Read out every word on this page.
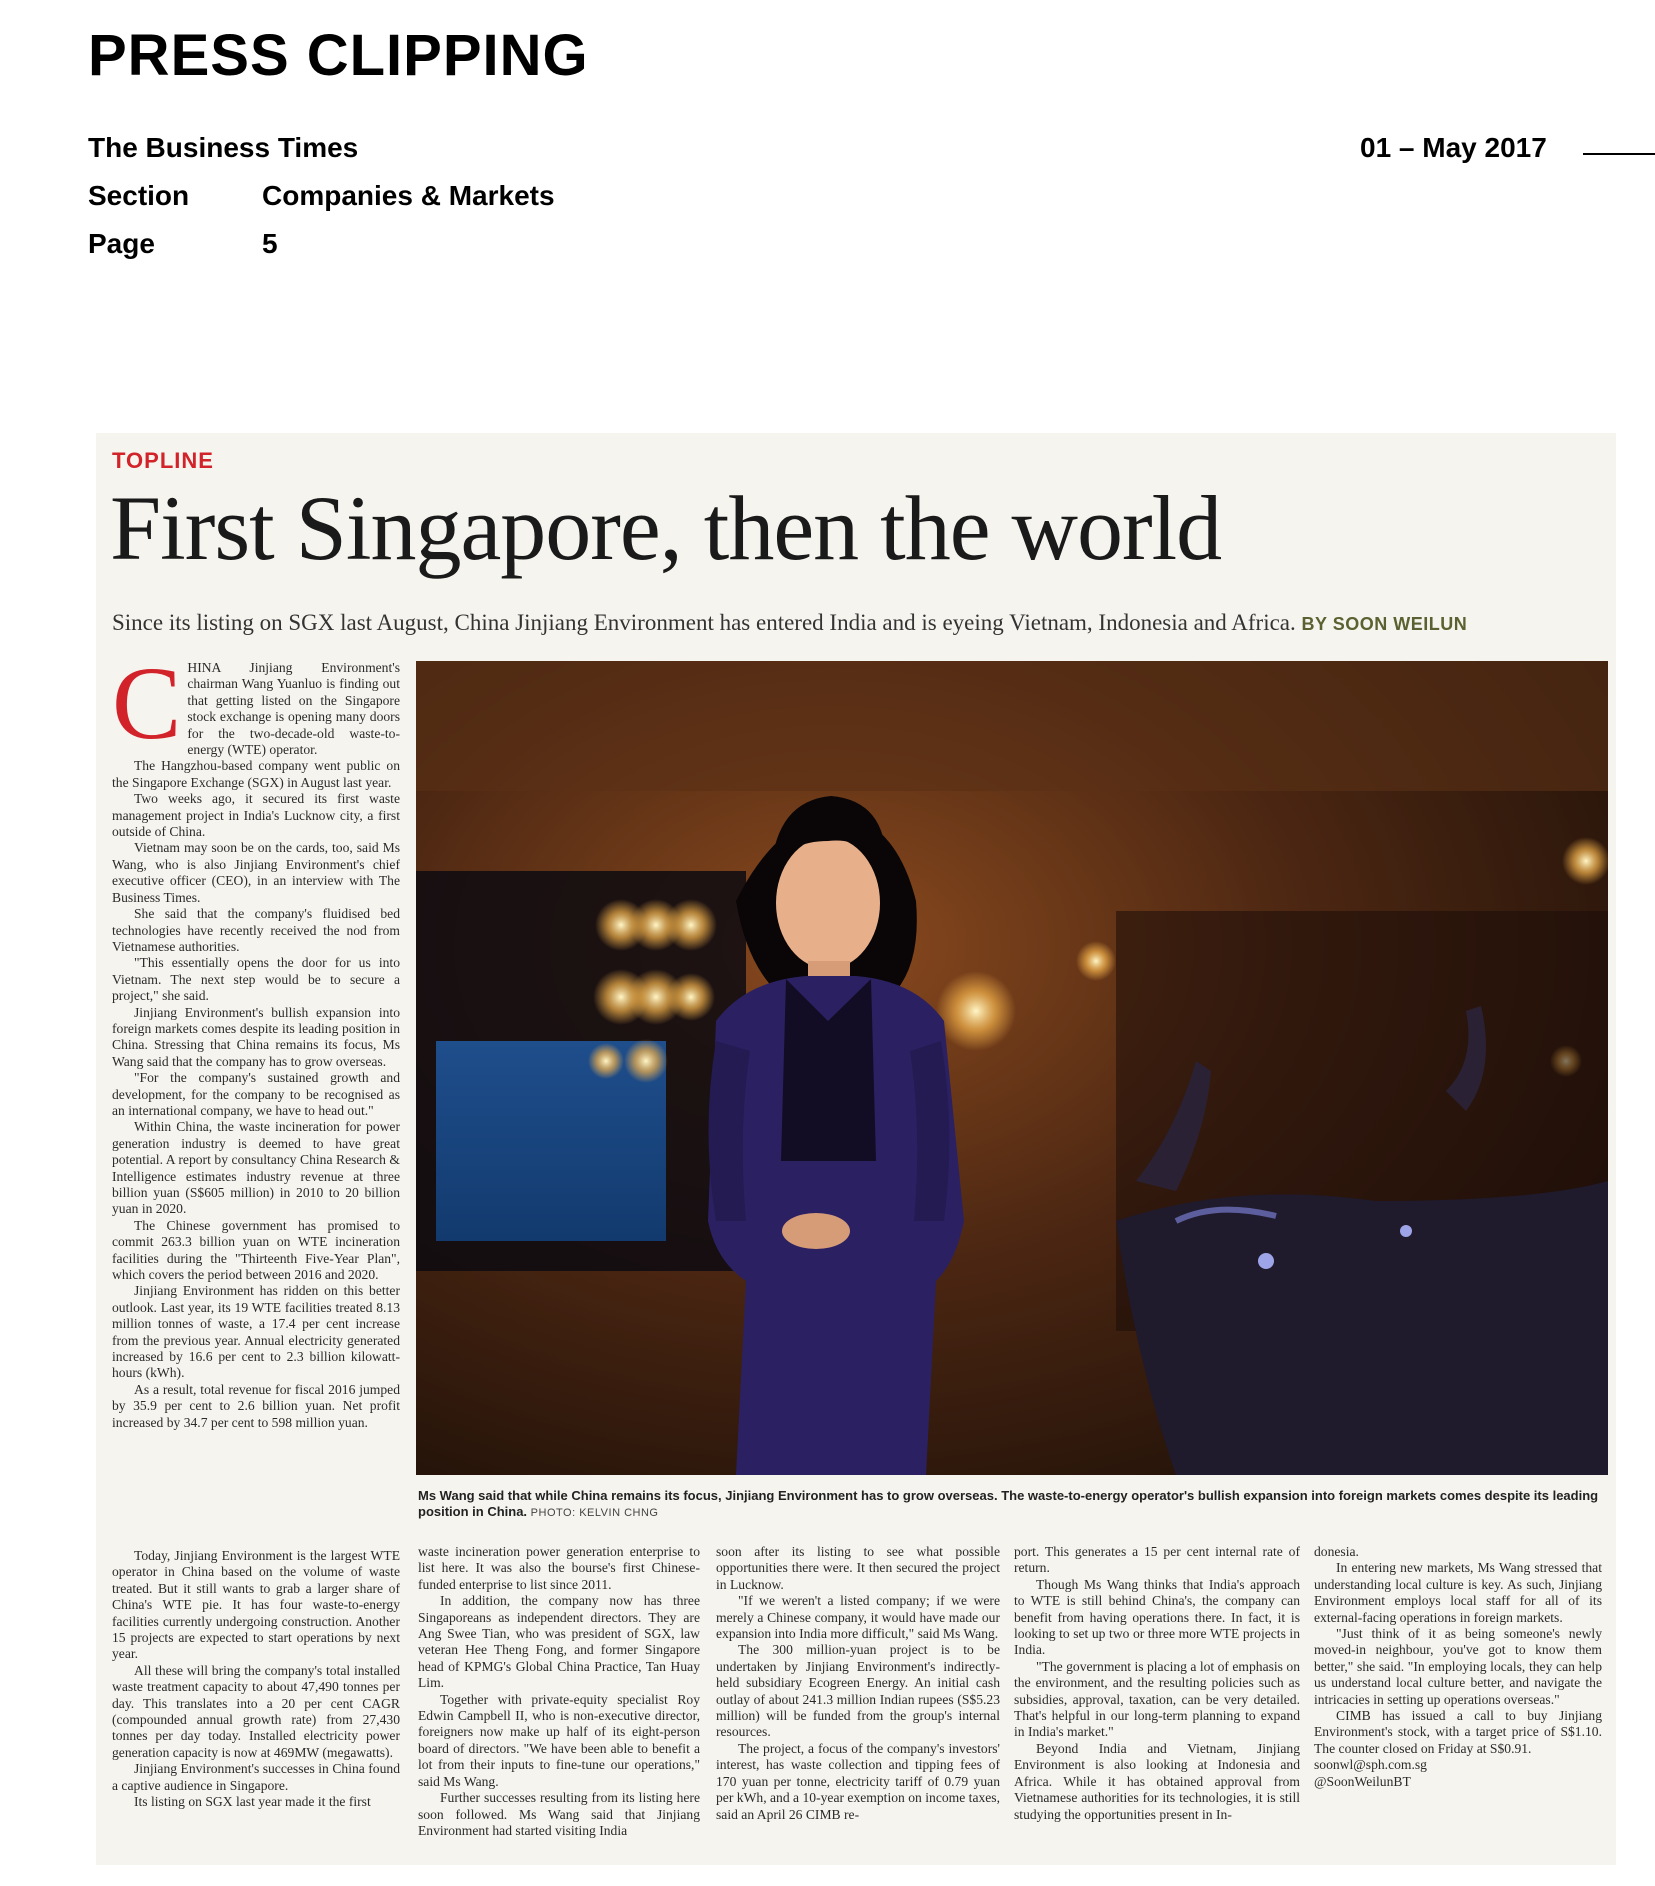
PRESS CLIPPING
The Business Times	01 – May 2017
Section	Companies & Markets
Page	5
TOPLINE
First Singapore, then the world
Since its listing on SGX last August, China Jinjiang Environment has entered India and is eyeing Vietnam, Indonesia and Africa. BY SOON WEILUN

CHINA Jinjiang Environment's chairman Wang Yuanluo is finding out that getting listed on the Singapore stock exchange is opening many doors for the two-decade-old waste-to-energy (WTE) operator.

The Hangzhou-based company went public on the Singapore Exchange (SGX) in August last year.

Two weeks ago, it secured its first waste management project in India's Lucknow city, a first outside of China.

Vietnam may soon be on the cards, too, said Ms Wang, who is also Jinjiang Environment's chief executive officer (CEO), in an interview with The Business Times.

She said that the company's fluidised bed technologies have recently received the nod from Vietnamese authorities.

"This essentially opens the door for us into Vietnam. The next step would be to secure a project," she said.

Jinjiang Environment's bullish expansion into foreign markets comes despite its leading position in China. Stressing that China remains its focus, Ms Wang said that the company has to grow overseas.

"For the company's sustained growth and development, for the company to be recognised as an international company, we have to head out."

Within China, the waste incineration for power generation industry is deemed to have great potential. A report by consultancy China Research & Intelligence estimates industry revenue at three billion yuan (S$605 million) in 2010 to 20 billion yuan in 2020.

The Chinese government has promised to commit 263.3 billion yuan on WTE incineration facilities during the "Thirteenth Five-Year Plan", which covers the period between 2016 and 2020.

Jinjiang Environment has ridden on this better outlook. Last year, its 19 WTE facilities treated 8.13 million tonnes of waste, a 17.4 per cent increase from the previous year. Annual electricity generated increased by 16.6 per cent to 2.3 billion kilowatt-hours (kWh).

As a result, total revenue for fiscal 2016 jumped by 35.9 per cent to 2.6 billion yuan. Net profit increased by 34.7 per cent to 598 million yuan.

Ms Wang said that while China remains its focus, Jinjiang Environment has to grow overseas. The waste-to-energy operator's bullish expansion into foreign markets comes despite its leading position in China. PHOTO: KELVIN CHNG

Today, Jinjiang Environment is the largest WTE operator in China based on the volume of waste treated. But it still wants to grab a larger share of China's WTE pie. It has four waste-to-energy facilities currently undergoing construction. Another 15 projects are expected to start operations by next year.

All these will bring the company's total installed waste treatment capacity to about 47,490 tonnes per day. This translates into a 20 per cent CAGR (compounded annual growth rate) from 27,430 tonnes per day today. Installed electricity power generation capacity is now at 469MW (megawatts).

Jinjiang Environment's successes in China found a captive audience in Singapore.

Its listing on SGX last year made it the first

waste incineration power generation enterprise to list here. It was also the bourse's first Chinese-funded enterprise to list since 2011.

In addition, the company now has three Singaporeans as independent directors. They are Ang Swee Tian, who was president of SGX, law veteran Hee Theng Fong, and former Singapore head of KPMG's Global China Practice, Tan Huay Lim.

Together with private-equity specialist Roy Edwin Campbell II, who is non-executive director, foreigners now make up half of its eight-person board of directors. "We have been able to benefit a lot from their inputs to fine-tune our operations," said Ms Wang.

Further successes resulting from its listing here soon followed. Ms Wang said that Jinjiang Environment had started visiting India

soon after its listing to see what possible opportunities there were. It then secured the project in Lucknow.

"If we weren't a listed company; if we were merely a Chinese company, it would have made our expansion into India more difficult," said Ms Wang.

The 300 million-yuan project is to be undertaken by Jinjiang Environment's indirectly-held subsidiary Ecogreen Energy. An initial cash outlay of about 241.3 million Indian rupees (S$5.23 million) will be funded from the group's internal resources.

The project, a focus of the company's investors' interest, has waste collection and tipping fees of 170 yuan per tonne, electricity tariff of 0.79 yuan per kWh, and a 10-year exemption on income taxes, said an April 26 CIMB re-

port. This generates a 15 per cent internal rate of return.

Though Ms Wang thinks that India's approach to WTE is still behind China's, the company can benefit from having operations there. In fact, it is looking to set up two or three more WTE projects in India.

"The government is placing a lot of emphasis on the environment, and the resulting policies such as subsidies, approval, taxation, can be very detailed. That's helpful in our long-term planning to expand in India's market."

Beyond India and Vietnam, Jinjiang Environment is also looking at Indonesia and Africa. While it has obtained approval from Vietnamese authorities for its technologies, it is still studying the opportunities present in In-

donesia.

In entering new markets, Ms Wang stressed that understanding local culture is key. As such, Jinjiang Environment employs local staff for all of its external-facing operations in foreign markets.

"Just think of it as being someone's newly moved-in neighbour, you've got to know them better," she said. "In employing locals, they can help us understand local culture better, and navigate the intricacies in setting up operations overseas."

CIMB has issued a call to buy Jinjiang Environment's stock, with a target price of S$1.10. The counter closed on Friday at S$0.91.

soonwl@sph.com.sg

@SoonWeilunBT
